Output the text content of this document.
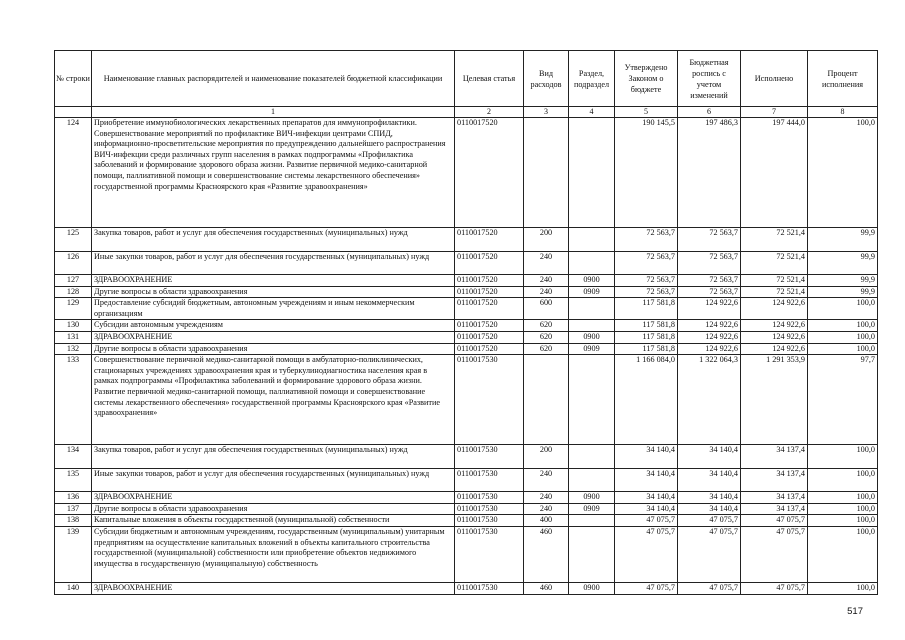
№ строки	Наименование главных распорядителей и наименование показателей бюджетной классификации	Целевая статья	Вид расходов	Раздел, подраздел	Утверждено Законом о бюджете	Бюджетная роспись с учетом изменений	Исполнено	Процент исполнения
	1	2	3	4	5	6	7	8
124	Приобретение иммунобиологических лекарственных препаратов для иммунопрофилактики. Совершенствование мероприятий по профилактике ВИЧ-инфекции центрами СПИД, информационно-просветительские мероприятия по предупреждению дальнейшего распространения ВИЧ-инфекции среди различных групп населения в рамках подпрограммы «Профилактика заболеваний и формирование здорового образа жизни. Развитие первичной медико-санитарной помощи, паллиативной помощи и совершенствование системы лекарственного обеспечения» государственной программы Красноярского края «Развитие здравоохранения»	0110017520			190 145,5	197 486,3	197 444,0	100,0
125	Закупка товаров, работ и услуг для обеспечения государственных (муниципальных) нужд	0110017520	200		72 563,7	72 563,7	72 521,4	99,9
126	Иные закупки товаров, работ и услуг для обеспечения государственных (муниципальных) нужд	0110017520	240		72 563,7	72 563,7	72 521,4	99,9
127	ЗДРАВООХРАНЕНИЕ	0110017520	240	0900	72 563,7	72 563,7	72 521,4	99,9
128	Другие вопросы в области здравоохранения	0110017520	240	0909	72 563,7	72 563,7	72 521,4	99,9
129	Предоставление субсидий бюджетным, автономным учреждениям и иным некоммерческим организациям	0110017520	600		117 581,8	124 922,6	124 922,6	100,0
130	Субсидии автономным учреждениям	0110017520	620		117 581,8	124 922,6	124 922,6	100,0
131	ЗДРАВООХРАНЕНИЕ	0110017520	620	0900	117 581,8	124 922,6	124 922,6	100,0
132	Другие вопросы в области здравоохранения	0110017520	620	0909	117 581,8	124 922,6	124 922,6	100,0
133	Совершенствование первичной медико-санитарной помощи в амбулаторно-поликлинических, стационарных учреждениях здравоохранения края и туберкулинодиагностика населения края в рамках подпрограммы «Профилактика заболеваний и формирование здорового образа жизни. Развитие первичной медико-санитарной помощи, паллиативной помощи и совершенствование системы лекарственного обеспечения» государственной программы Красноярского края «Развитие здравоохранения»	0110017530			1 166 084,0	1 322 064,3	1 291 353,9	97,7
134	Закупка товаров, работ и услуг для обеспечения государственных (муниципальных) нужд	0110017530	200		34 140,4	34 140,4	34 137,4	100,0
135	Иные закупки товаров, работ и услуг для обеспечения государственных (муниципальных) нужд	0110017530	240		34 140,4	34 140,4	34 137,4	100,0
136	ЗДРАВООХРАНЕНИЕ	0110017530	240	0900	34 140,4	34 140,4	34 137,4	100,0
137	Другие вопросы в области здравоохранения	0110017530	240	0909	34 140,4	34 140,4	34 137,4	100,0
138	Капитальные вложения в объекты государственной (муниципальной) собственности	0110017530	400		47 075,7	47 075,7	47 075,7	100,0
139	Субсидии бюджетным и автономным учреждениям, государственным (муниципальным) унитарным предприятиям на осуществление капитальных вложений в объекты капитального строительства государственной (муниципальной) собственности или приобретение объектов недвижимого имущества в государственную (муниципальную) собственность	0110017530	460		47 075,7	47 075,7	47 075,7	100,0
140	ЗДРАВООХРАНЕНИЕ	0110017530	460	0900	47 075,7	47 075,7	47 075,7	100,0
517
